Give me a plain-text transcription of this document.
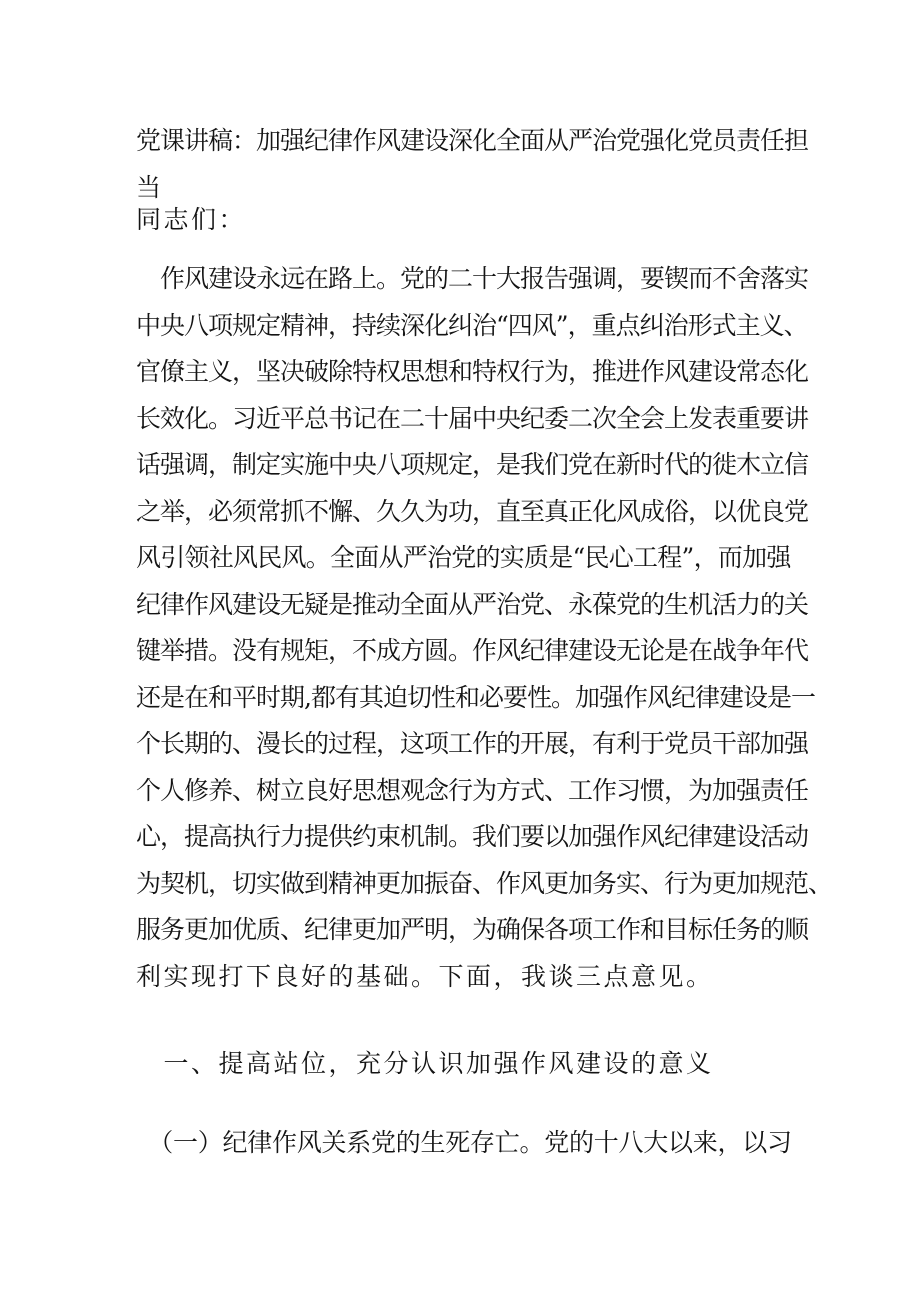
党课讲稿：加强纪律作风建设深化全面从严治党强化党员责任担
当
同志们：
　作风建设永远在路上。党的二十大报告强调，要锲而不舍落实
中央八项规定精神，持续深化纠治“四风”，重点纠治形式主义、
官僚主义，坚决破除特权思想和特权行为，推进作风建设常态化
长效化。习近平总书记在二十届中央纪委二次全会上发表重要讲
话强调，制定实施中央八项规定，是我们党在新时代的徙木立信
之举，必须常抓不懈、久久为功，直至真正化风成俗，以优良党
风引领社风民风。全面从严治党的实质是“民心工程”，而加强
纪律作风建设无疑是推动全面从严治党、永葆党的生机活力的关
键举措。没有规矩，不成方圆。作风纪律建设无论是在战争年代
还是在和平时期,都有其迫切性和必要性。加强作风纪律建设是一
个长期的、漫长的过程，这项工作的开展，有利于党员干部加强
个人修养、树立良好思想观念行为方式、工作习惯，为加强责任
心，提高执行力提供约束机制。我们要以加强作风纪律建设活动
为契机，切实做到精神更加振奋、作风更加务实、行为更加规范、
服务更加优质、纪律更加严明，为确保各项工作和目标任务的顺
利实现打下良好的基础。下面，我谈三点意见。
　一、提高站位，充分认识加强作风建设的意义
　（一）纪律作风关系党的生死存亡。党的十八大以来，以习
